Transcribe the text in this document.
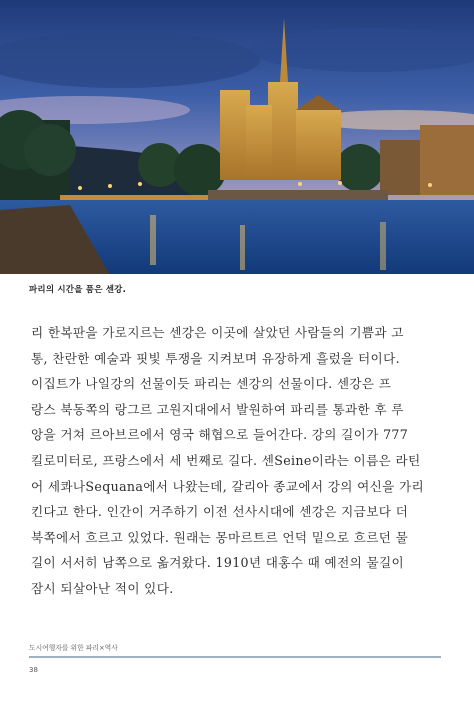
파리의 시간을 품은 센강.

리 한복판을 가로지르는 센강은 이곳에 살았던 사람들의 기쁨과 고

통, 찬란한 예술과 핏빛 투쟁을 지켜보며 유장하게 흘렀을 터이다.

이집트가 나일강의 선물이듯 파리는 센강의 선물이다. 센강은 프

랑스 북동쪽의 랑그르 고원지대에서 발원하여 파리를 통과한 후 루

앙을 거쳐 르아브르에서 영국 해협으로 들어간다. 강의 길이가 777

킬로미터로, 프랑스에서 세 번째로 길다. 센Seine이라는 이름은 라틴

어 세콰나Sequana에서 나왔는데, 갈리아 종교에서 강의 여신을 가리

킨다고 한다. 인간이 거주하기 이전 선사시대에 센강은 지금보다 더

북쪽에서 흐르고 있었다. 원래는 몽마르트르 언덕 밑으로 흐르던 물

길이 서서히 남쪽으로 옮겨왔다. 1910년 대홍수 때 예전의 물길이

잠시 되살아난 적이 있다.

도시여행자를 위한 파리×역사
38
